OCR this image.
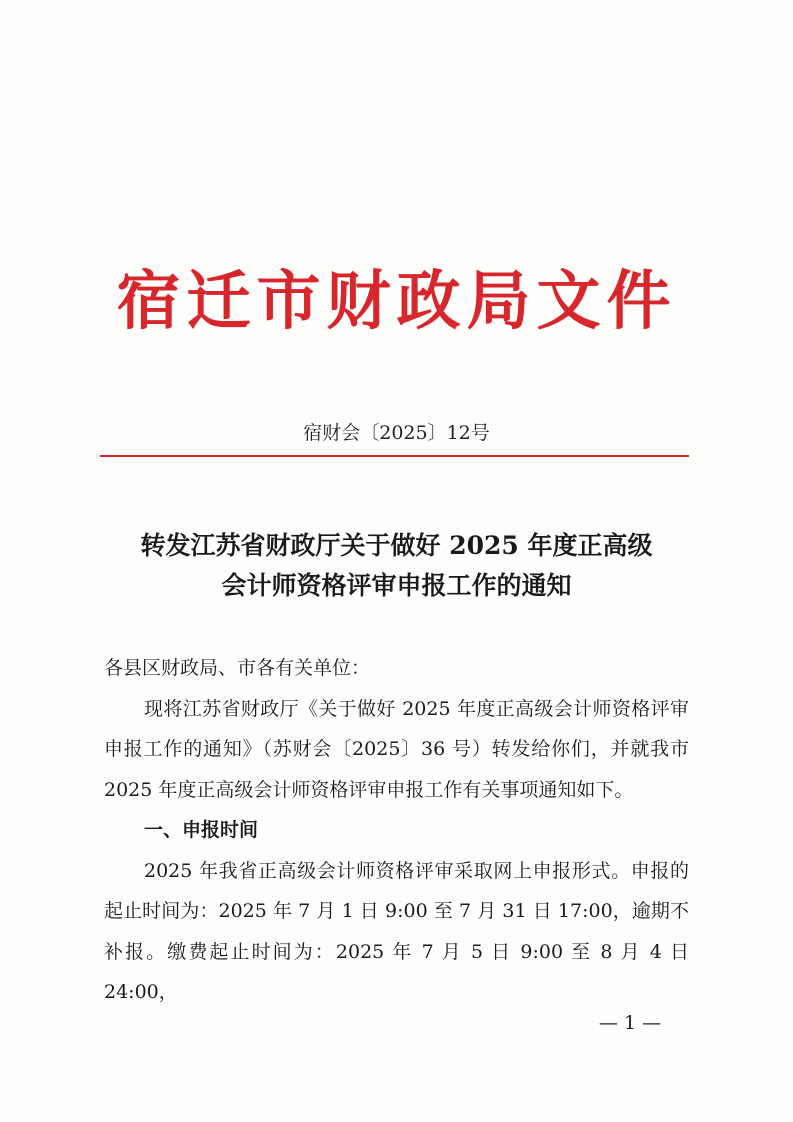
宿迁市财政局文件
宿财会〔2025〕12号
转发江苏省财政厅关于做好 2025 年度正高级
会计师资格评审申报工作的通知

各县区财政局、市各有关单位：

现将江苏省财政厅《关于做好 2025 年度正高级会计师资格评审申报工作的通知》（苏财会〔2025〕36 号）转发给你们，并就我市 2025 年度正高级会计师资格评审申报工作有关事项通知如下。

一、申报时间

2025 年我省正高级会计师资格评审采取网上申报形式。申报的起止时间为：2025 年 7 月 1 日 9:00 至 7 月 31 日 17:00，逾期不补报。缴费起止时间为：2025 年 7 月 5 日 9:00 至 8 月 4 日 24:00，

— 1 —
